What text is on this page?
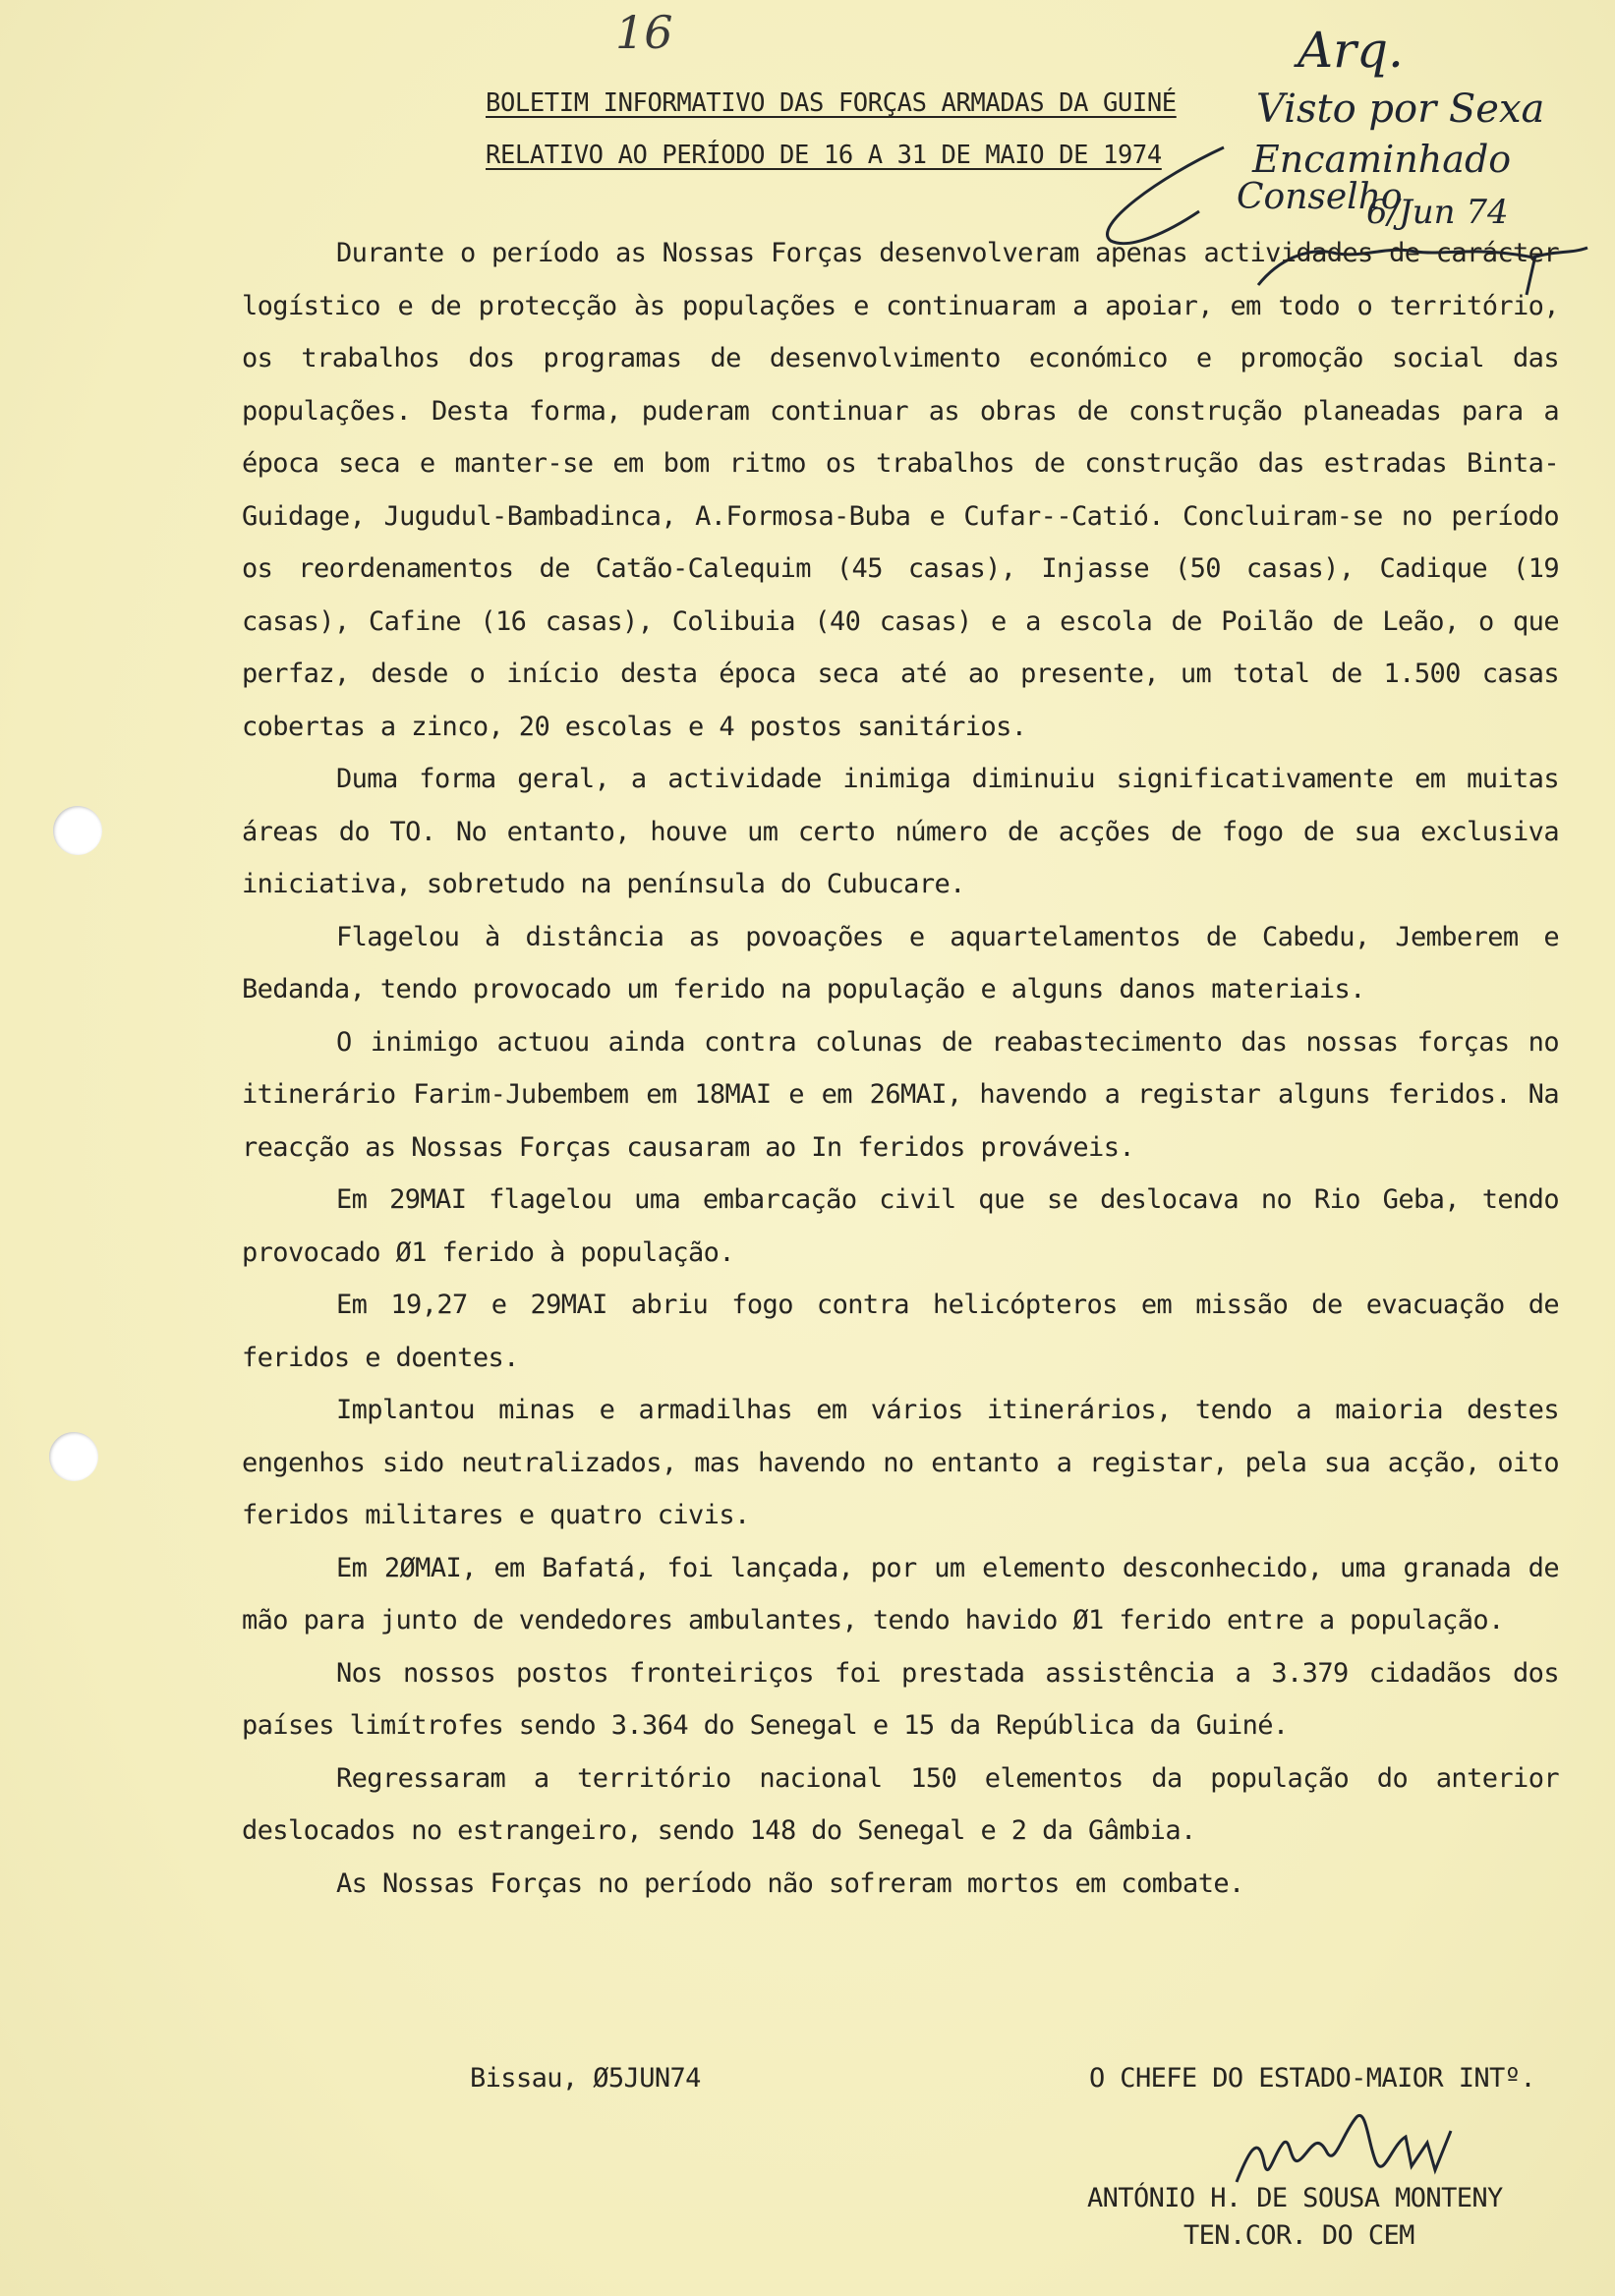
16
BOLETIM INFORMATIVO DAS FORÇAS ARMADAS DA GUINÉ
RELATIVO AO PERÍODO DE 16 A 31 DE MAIO DE 1974
Arq.
Visto por Sexa
Encaminhado
Conselho
6/Jun 74

Durante o período as Nossas Forças desenvolveram apenas actividades de carácter logístico e de protecção às populações e continuaram a apoiar, em todo o território, os trabalhos dos programas de desenvolvimento económico e promoção social das populações. Desta forma, puderam continuar as obras de construção planeadas para a época seca e manter-se em bom ritmo os trabalhos de construção das estradas Binta-Guidage, Jugudul-Bambadinca, A.Formosa-Buba e Cufar--Catió. Concluiram-se no período os reordenamentos de Catão-Calequim (45 casas), Injasse (50 casas), Cadique (19 casas), Cafine (16 casas), Colibuia (40 casas) e a escola de Poilão de Leão, o que perfaz, desde o início desta época seca até ao presente, um total de 1.500 casas cobertas a zinco, 20 escolas e 4 postos sanitários.

Duma forma geral, a actividade inimiga diminuiu significativamente em muitas áreas do TO. No entanto, houve um certo número de acções de fogo de sua exclusiva iniciativa, sobretudo na península do Cubucare.

Flagelou à distância as povoações e aquartelamentos de Cabedu, Jemberem e Bedanda, tendo provocado um ferido na população e alguns danos materiais.

O inimigo actuou ainda contra colunas de reabastecimento das nossas forças no itinerário Farim-Jubembem em 18MAI e em 26MAI, havendo a registar alguns feridos. Na reacção as Nossas Forças causaram ao In feridos prováveis.

Em 29MAI flagelou uma embarcação civil que se deslocava no Rio Geba, tendo provocado Ø1 ferido à população.

Em 19,27 e 29MAI abriu fogo contra helicópteros em missão de evacuação de feridos e doentes.

Implantou minas e armadilhas em vários itinerários, tendo a maioria destes engenhos sido neutralizados, mas havendo no entanto a registar, pela sua acção, oito feridos militares e quatro civis.

Em 2ØMAI, em Bafatá, foi lançada, por um elemento desconhecido, uma granada de mão para junto de vendedores ambulantes, tendo havido Ø1 ferido entre a população.

Nos nossos postos fronteiriços foi prestada assistência a 3.379 cidadãos dos países limítrofes sendo 3.364 do Senegal e 15 da República da Guiné.

Regressaram a território nacional 150 elementos da população do anterior deslocados no estrangeiro, sendo 148 do Senegal e 2 da Gâmbia.

As Nossas Forças no período não sofreram mortos em combate.

Bissau, Ø5JUN74	O CHEFE DO ESTADO-MAIOR INTº.
ANTÓNIO H. DE SOUSA MONTENY
TEN.COR. DO CEM
